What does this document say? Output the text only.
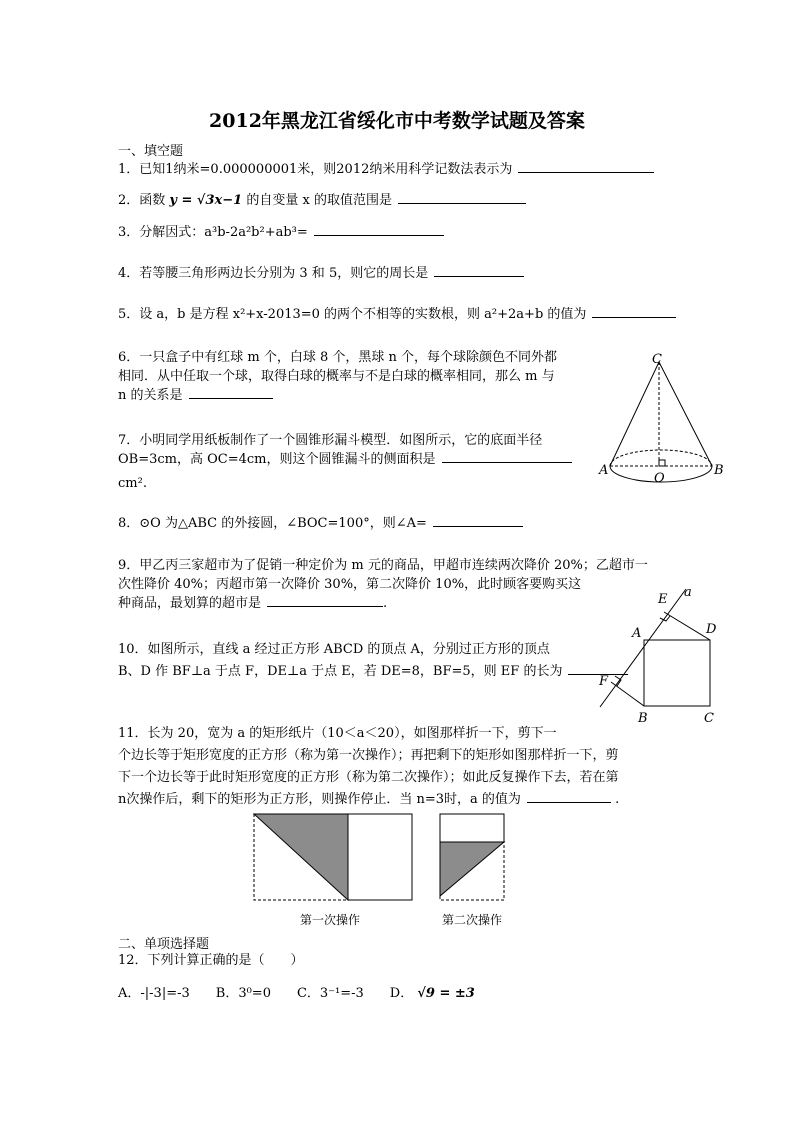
2012年黑龙江省绥化市中考数学试题及答案
一、填空题
1．已知1纳米=0.000000001米，则2012纳米用科学记数法表示为
2．函数 y = √3x−1 的自变量 x 的取值范围是
3．分解因式：a³b-2a²b²+ab³=
4．若等腰三角形两边长分别为 3 和 5，则它的周长是
5．设 a，b 是方程 x²+x-2013=0 的两个不相等的实数根，则 a²+2a+b 的值为
6．一只盒子中有红球 m 个，白球 8 个，黑球 n 个，每个球除颜色不同外都
相同．从中任取一个球，取得白球的概率与不是白球的概率相同，那么 m 与
n 的关系是
C
A
O
B
7．小明同学用纸板制作了一个圆锥形漏斗模型．如图所示，它的底面半径
OB=3cm，高 OC=4cm，则这个圆锥漏斗的侧面积是
cm².
8．⊙O 为△ABC 的外接圆，∠BOC=100°，则∠A=
9．甲乙丙三家超市为了促销一种定价为 m 元的商品，甲超市连续两次降价 20%；乙超市一
次性降价 40%；丙超市第一次降价 30%，第二次降价 10%，此时顾客要购买这
种商品，最划算的超市是	.	E a
A	D
F
B	C
10．如图所示，直线 a 经过正方形 ABCD 的顶点 A，分别过正方形的顶点
B、D 作 BF⊥a 于点 F，DE⊥a 于点 E，若 DE=8，BF=5，则 EF 的长为
11．长为 20，宽为 a 的矩形纸片（10＜a＜20），如图那样折一下，剪下一
个边长等于矩形宽度的正方形（称为第一次操作）；再把剩下的矩形如图那样折一下，剪
下一个边长等于此时矩形宽度的正方形（称为第二次操作）；如此反复操作下去，若在第
n次操作后，剩下的矩形为正方形，则操作停止．当 n=3时，a 的值为	.
第一次操作	第二次操作
二、单项选择题
12．下列计算正确的是（　　）
A．-|-3|=-3　　B．3⁰=0　　C．3⁻¹=-3　　D． √9 = ±3
